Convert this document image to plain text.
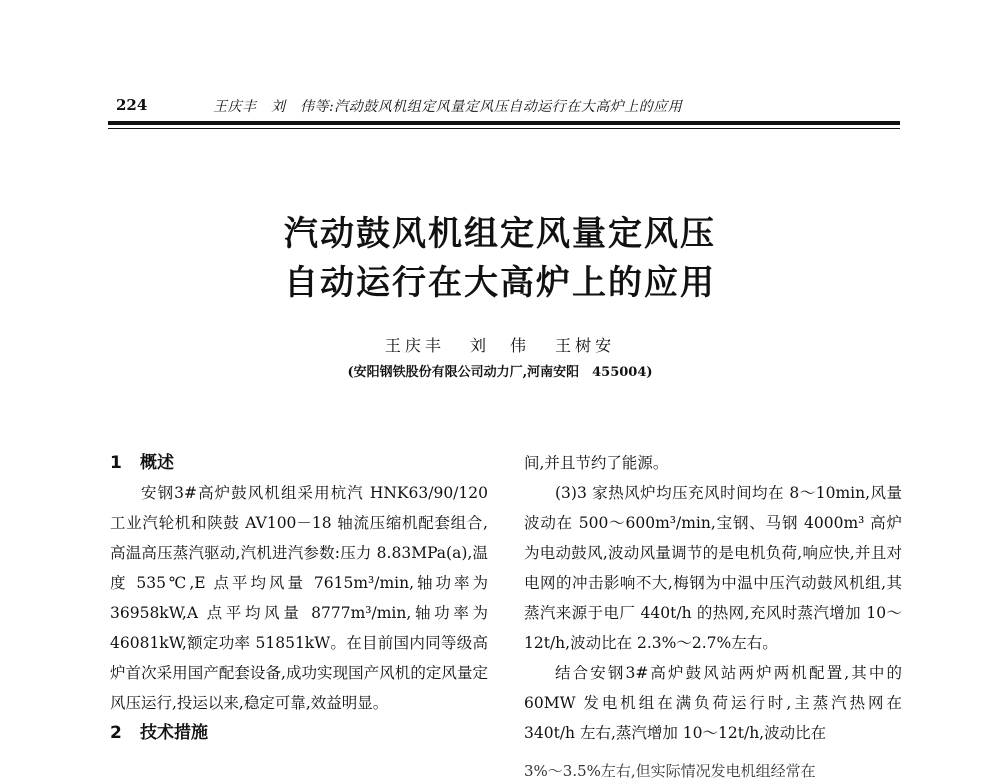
224	王庆丰　刘　伟等:汽动鼓风机组定风量定风压自动运行在大高炉上的应用
汽动鼓风机组定风量定风压
自动运行在大高炉上的应用
王庆丰 刘　伟 王树安
(安阳钢铁股份有限公司动力厂,河南安阳　455004)
1 概述

安钢3#高炉鼓风机组采用杭汽 HNK63/90/120 工业汽轮机和陕鼓 AV100－18 轴流压缩机配套组合,高温高压蒸汽驱动,汽机进汽参数:压力 8.83MPa(a),温度 535℃,E 点平均风量 7615m³/min,轴功率为 36958kW,A 点平均风量 8777m³/min,轴功率为 46081kW,额定功率 51851kW。在目前国内同等级高炉首次采用国产配套设备,成功实现国产风机的定风量定风压运行,投运以来,稳定可靠,效益明显。

2 技术措施

间,并且节约了能源。

(3)3 家热风炉均压充风时间均在 8～10min,风量波动在 500～600m³/min,宝钢、马钢 4000m³ 高炉为电动鼓风,波动风量调节的是电机负荷,响应快,并且对电网的冲击影响不大,梅钢为中温中压汽动鼓风机组,其蒸汽来源于电厂 440t/h 的热网,充风时蒸汽增加 10～12t/h,波动比在 2.3%～2.7%左右。

结合安钢3#高炉鼓风站两炉两机配置,其中的60MW 发电机组在满负荷运行时,主蒸汽热网在 340t/h 左右,蒸汽增加 10～12t/h,波动比在

3%～3.5%左右,但实际情况发电机组经常在
